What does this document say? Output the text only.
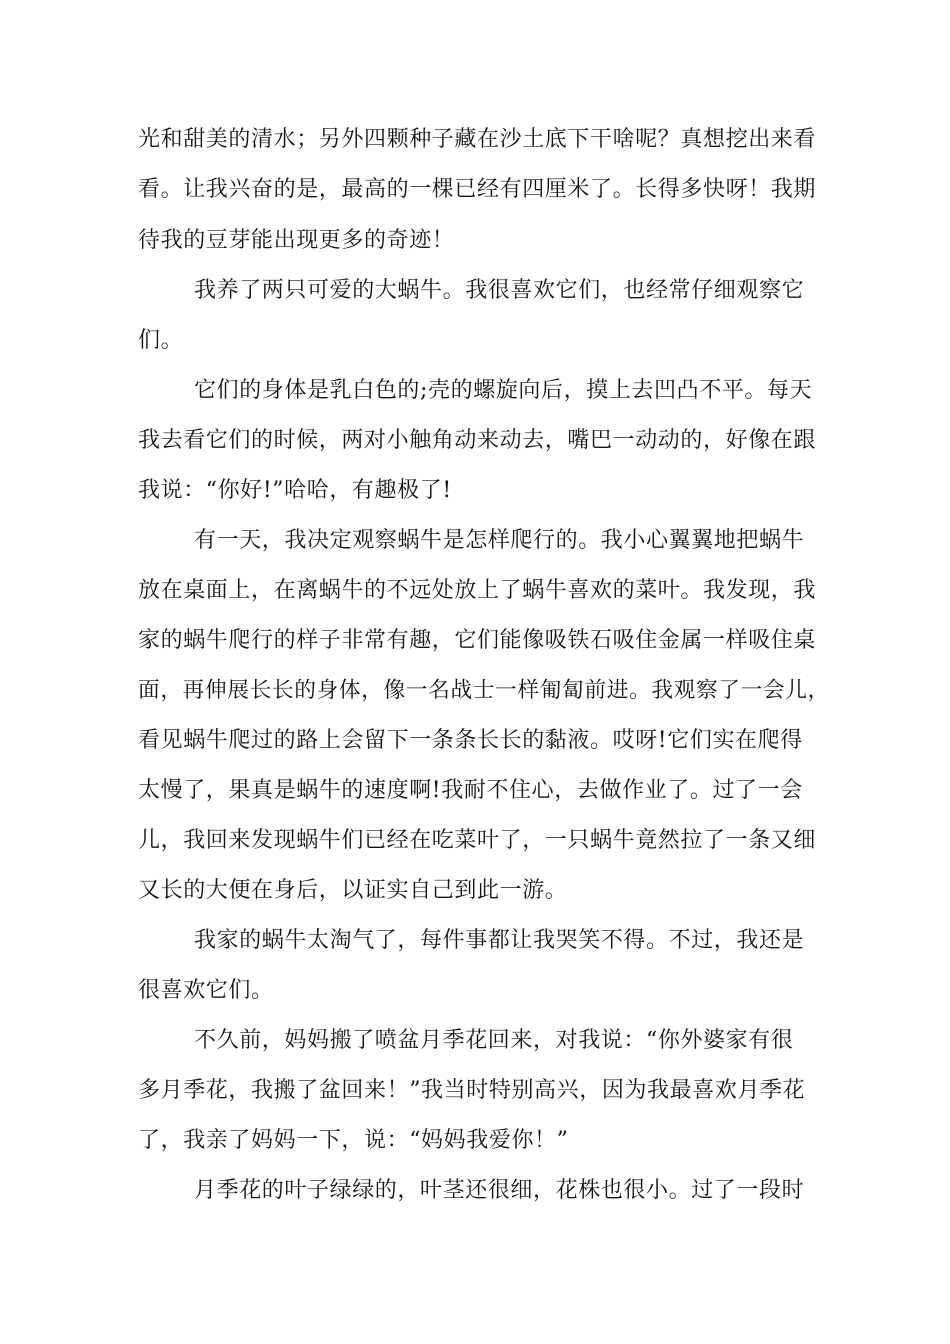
光和甜美的清水；另外四颗种子藏在沙土底下干啥呢？真想挖出来看
看。让我兴奋的是，最高的一棵已经有四厘米了。长得多快呀！我期
待我的豆芽能出现更多的奇迹！
我养了两只可爱的大蜗牛。我很喜欢它们，也经常仔细观察它
们。
它们的身体是乳白色的;壳的螺旋向后，摸上去凹凸不平。每天
我去看它们的时候，两对小触角动来动去，嘴巴一动动的，好像在跟
我说：“你好!”哈哈，有趣极了!
有一天，我决定观察蜗牛是怎样爬行的。我小心翼翼地把蜗牛
放在桌面上，在离蜗牛的不远处放上了蜗牛喜欢的菜叶。我发现，我
家的蜗牛爬行的样子非常有趣，它们能像吸铁石吸住金属一样吸住桌
面，再伸展长长的身体，像一名战士一样匍匐前进。我观察了一会儿，
看见蜗牛爬过的路上会留下一条条长长的黏液。哎呀!它们实在爬得
太慢了，果真是蜗牛的速度啊!我耐不住心，去做作业了。过了一会
儿，我回来发现蜗牛们已经在吃菜叶了，一只蜗牛竟然拉了一条又细
又长的大便在身后，以证实自己到此一游。
我家的蜗牛太淘气了，每件事都让我哭笑不得。不过，我还是
很喜欢它们。
不久前，妈妈搬了喷盆月季花回来，对我说：“你外婆家有很
多月季花，我搬了盆回来！”我当时特别高兴，因为我最喜欢月季花
了，我亲了妈妈一下，说：“妈妈我爱你！”
月季花的叶子绿绿的，叶茎还很细，花株也很小。过了一段时
